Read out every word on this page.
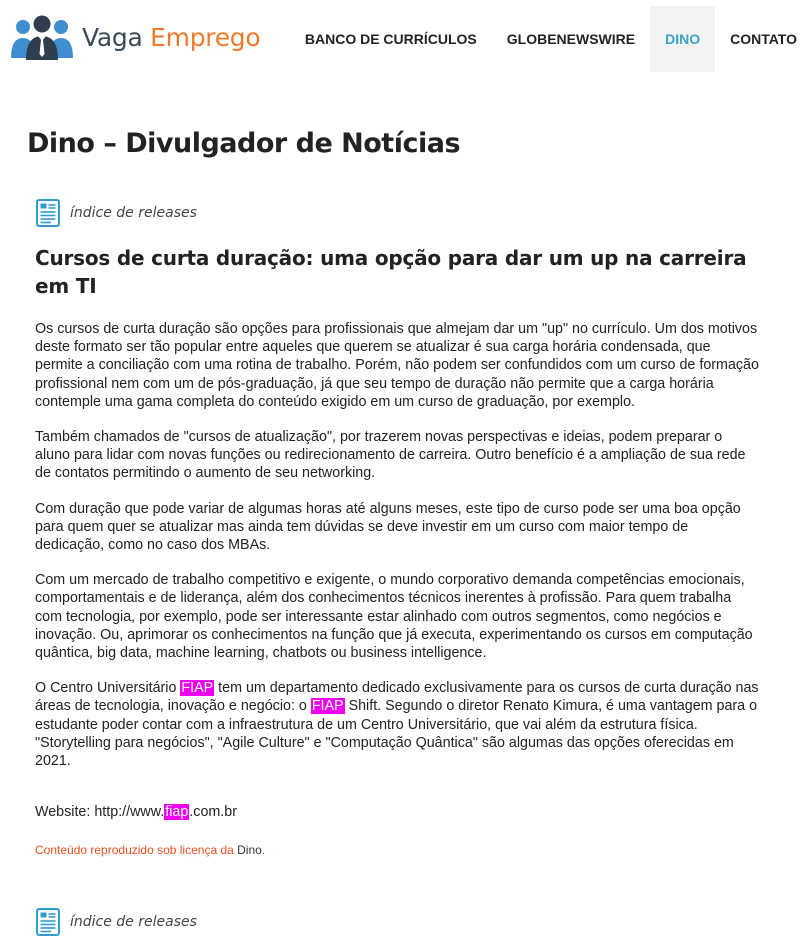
Vaga Emprego	BANCO DE CURRÍCULOS	GLOBENEWSWIRE	DINO	CONTATO
Dino – Divulgador de Notícias
índice de releases
Cursos de curta duração: uma opção para dar um up na carreira em TI

Os cursos de curta duração são opções para profissionais que almejam dar um "up" no currículo. Um dos motivos deste formato ser tão popular entre aqueles que querem se atualizar é sua carga horária condensada, que permite a conciliação com uma rotina de trabalho. Porém, não podem ser confundidos com um curso de formação profissional nem com um de pós-graduação, já que seu tempo de duração não permite que a carga horária contemple uma gama completa do conteúdo exigido em um curso de graduação, por exemplo.

Também chamados de "cursos de atualização", por trazerem novas perspectivas e ideias, podem preparar o aluno para lidar com novas funções ou redirecionamento de carreira. Outro benefício é a ampliação de sua rede de contatos permitindo o aumento de seu networking.

Com duração que pode variar de algumas horas até alguns meses, este tipo de curso pode ser uma boa opção para quem quer se atualizar mas ainda tem dúvidas se deve investir em um curso com maior tempo de dedicação, como no caso dos MBAs.

Com um mercado de trabalho competitivo e exigente, o mundo corporativo demanda competências emocionais, comportamentais e de liderança, além dos conhecimentos técnicos inerentes à profissão. Para quem trabalha com tecnologia, por exemplo, pode ser interessante estar alinhado com outros segmentos, como negócios e inovação. Ou, aprimorar os conhecimentos na função que já executa, experimentando os cursos em computação quântica, big data, machine learning, chatbots ou business intelligence.

O Centro Universitário FIAP tem um departamento dedicado exclusivamente para os cursos de curta duração nas áreas de tecnologia, inovação e negócio: o FIAP Shift. Segundo o diretor Renato Kimura, é uma vantagem para o estudante poder contar com a infraestrutura de um Centro Universitário, que vai além da estrutura física. "Storytelling para negócios", "Agile Culture" e "Computação Quântica" são algumas das opções oferecidas em 2021.

Website: http://www.fiap.com.br

Conteúdo reproduzido sob licença da Dino.

índice de releases
